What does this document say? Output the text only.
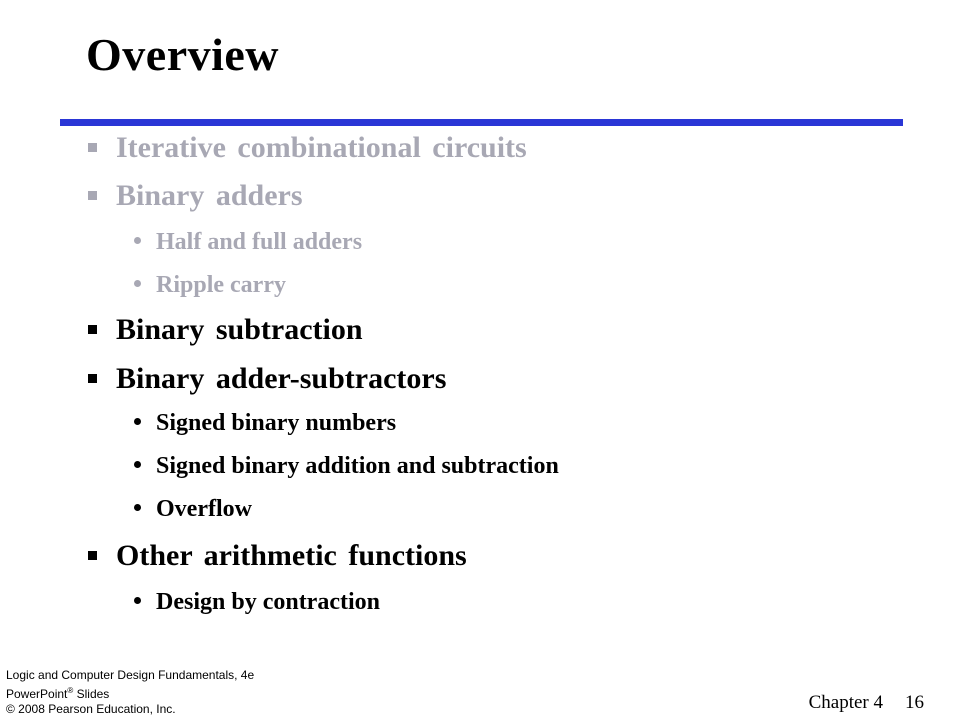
Overview
Iterative combinational circuits
Binary adders
Half and full adders
Ripple carry
Binary subtraction
Binary adder-subtractors
Signed binary numbers
Signed binary addition and subtraction
Overflow
Other arithmetic functions
Design by contraction
Logic and Computer Design Fundamentals, 4e
PowerPoint® Slides
© 2008 Pearson Education, Inc.	Chapter 4 16
